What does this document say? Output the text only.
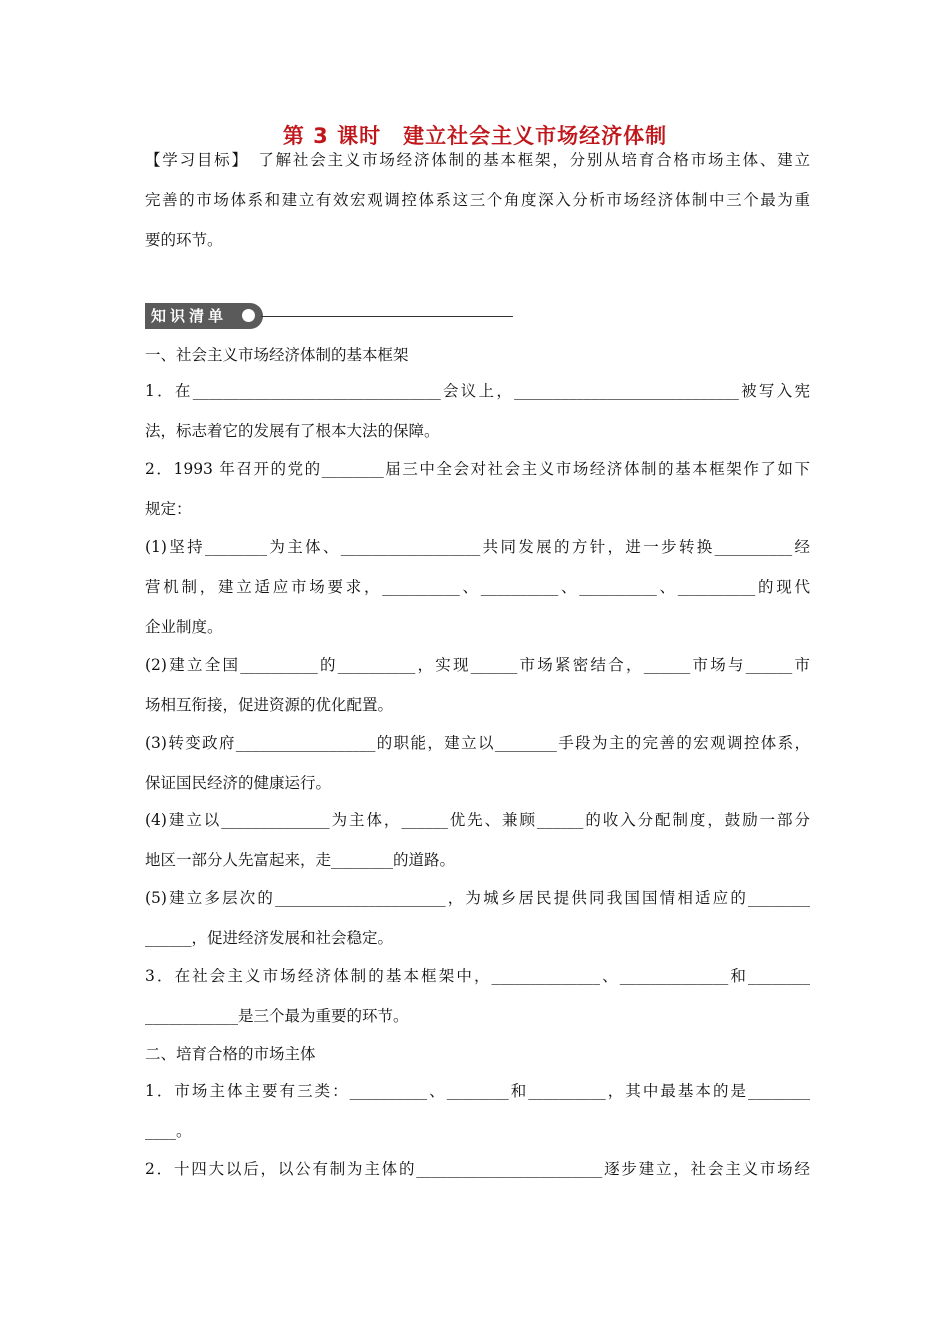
第 3 课时　建立社会主义市场经济体制
【学习目标】　了解社会主义市场经济体制的基本框架，分别从培育合格市场主体、建立
完善的市场体系和建立有效宏观调控体系这三个角度深入分析市场经济体制中三个最为重
要的环节。
知识清单
一、社会主义市场经济体制的基本框架
1．在________________________________会议上，_____________________________被写入宪
法，标志着它的发展有了根本大法的保障。
2．1993 年召开的党的________届三中全会对社会主义市场经济体制的基本框架作了如下
规定：
(1)坚持________为主体、__________________共同发展的方针，进一步转换__________经
营机制，建立适应市场要求，__________、__________、__________、__________的现代
企业制度。
(2)建立全国__________的__________，实现______市场紧密结合，______市场与______市
场相互衔接，促进资源的优化配置。
(3)转变政府__________________的职能，建立以________手段为主的完善的宏观调控体系，
保证国民经济的健康运行。
(4)建立以______________为主体，______优先、兼顾______的收入分配制度，鼓励一部分
地区一部分人先富起来，走________的道路。
(5)建立多层次的______________________，为城乡居民提供同我国国情相适应的________
______，促进经济发展和社会稳定。
3．在社会主义市场经济体制的基本框架中，______________、______________和________
____________是三个最为重要的环节。
二、培育合格的市场主体
1．市场主体主要有三类：__________、________和__________，其中最基本的是________
____。
2．十四大以后，以公有制为主体的________________________逐步建立，社会主义市场经
